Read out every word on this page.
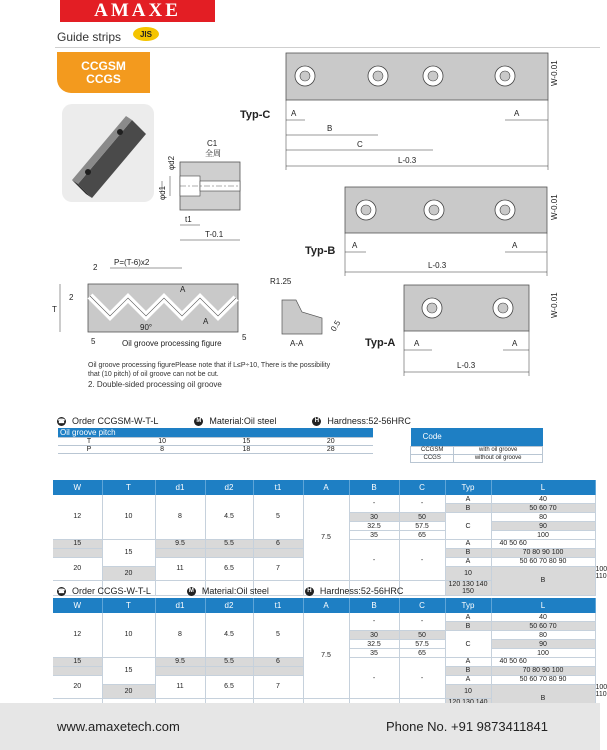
AMAXE
Guide strips	JIS
CCGSM
CCGS
Typ-C	A	A
B
C
L-0.3
W-0.01
Typ-B A	A
L-0.3
W-0.01
Typ-A A	A
L-0.3
W-0.01
φd1
φd2
C1
全周
t1
T-0.1
P=(T-6)x2
2
2
T
5	5
90°
A
A
Oil groove processing figure
R1.25
0.5
A-A
Oil groove processing figurePlease note that if L≤P÷10, There is the possibility
that (10 pitch) of oil groove can not be cut.
2. Double-sided processing oil groove
☎ Order CCGSM-W-T-L	M Material:Oil steel	H Hardness:52-56HRC
Oil groove pitch			
T	10	15	20
P	8	18	28
Code	
CCGSM	with oil groove
CCGS	without oil groove
W	T	d1	d2	t1	A	B	C	Typ	L	
12	10	8	4.5	5	7.5	-	-	A	40	
								B	50 60 70	
						30	50	C	80	
						32.5	57.5		90	
						35	65		100	
						-	-			
15	15	9.5	5.5	6				A	40 50 60	
								B	70 80 90 100	
20		11	6.5	7				A	50 60 70 80 90	
	20							10	B	100 110
								120 130 140 150		
☎ Order CCGS-W-T-L	M Material:Oil steel	H Hardness:52-56HRC
W	T	d1	d2	t1	A	B	C	Typ	L	
12	10	8	4.5	5	7.5	-	-	A	40	
								B	50 60 70	
						30	50	C	80	
						32.5	57.5		90	
						35	65		100	
						-	-			
15	15	9.5	5.5	6				A	40 50 60	
								B	70 80 90 100	
20		11	6.5	7				A	50 60 70 80 90	
	20							10	B	100 110

www.amaxetech.com	Phone No. +91 9873411841
